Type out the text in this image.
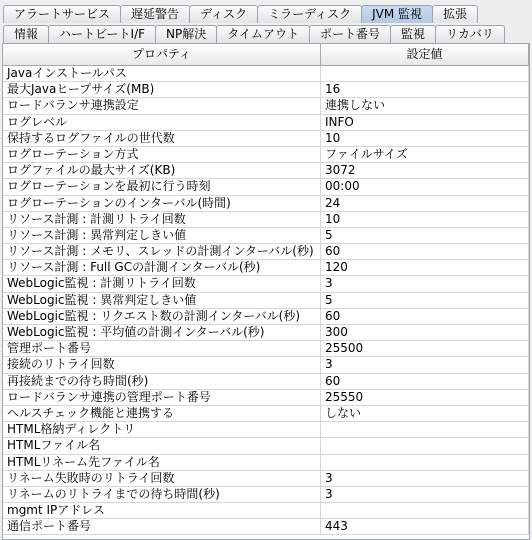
アラートサービス	遅延警告	ディスク	ミラーディスク	JVM 監視	拡張
情報	ハートビートI/F	NP解決	タイムアウト	ポート番号	監視	リカバリ
プロパティ	設定値
Javaインストールパス
最大Javaヒープサイズ(MB)	16
ロードバランサ連携設定	連携しない
ログレベル	INFO
保持するログファイルの世代数	10
ログローテーション方式	ファイルサイズ
ログファイルの最大サイズ(KB)	3072
ログローテーションを最初に行う時刻	00:00
ログローテーションのインターバル(時間)	24
リソース計測 : 計測リトライ回数	10
リソース計測 : 異常判定しきい値	5
リソース計測 : メモリ、スレッドの計測インターバル(秒) 60
リソース計測 : Full GCの計測インターバル(秒)	120
WebLogic監視 : 計測リトライ回数	3
WebLogic監視 : 異常判定しきい値	5
WebLogic監視 : リクエスト数の計測インターバル(秒)	60
WebLogic監視 : 平均値の計測インターバル(秒)	300
管理ポート番号	25500
接続のリトライ回数	3
再接続までの待ち時間(秒)	60
ロードバランサ連携の管理ポート番号	25550
ヘルスチェック機能と連携する	しない
HTML格納ディレクトリ
HTMLファイル名
HTMLリネーム先ファイル名
リネーム失敗時のリトライ回数	3
リネームのリトライまでの待ち時間(秒)	3
mgmt IPアドレス
通信ポート番号	443
